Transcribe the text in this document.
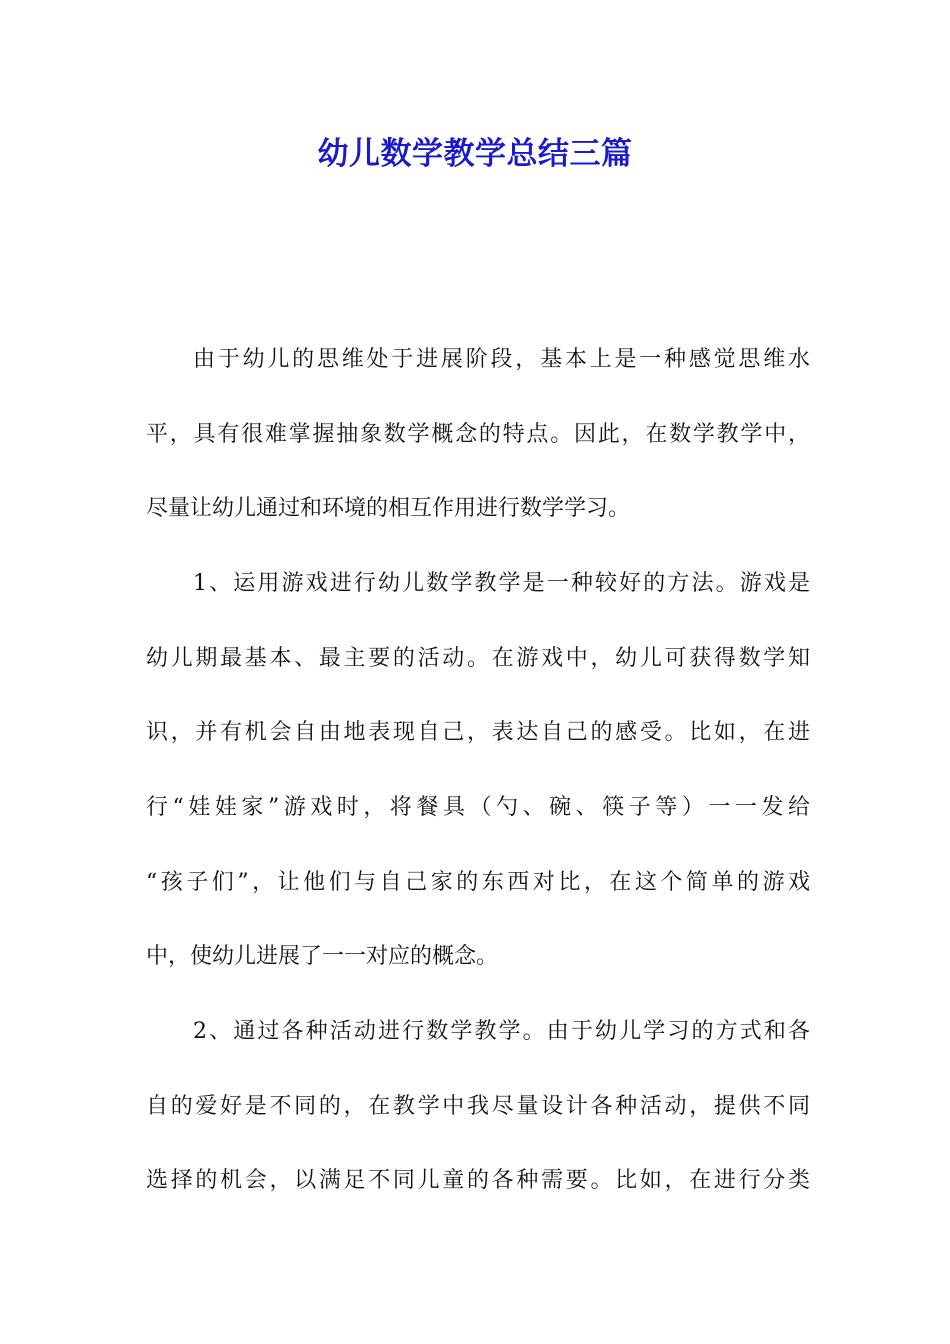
幼儿数学教学总结三篇

由于幼儿的思维处于进展阶段，基本上是一种感觉思维水

平，具有很难掌握抽象数学概念的特点。因此，在数学教学中，

尽量让幼儿通过和环境的相互作用进行数学学习。

1、运用游戏进行幼儿数学教学是一种较好的方法。游戏是

幼儿期最基本、最主要的活动。在游戏中，幼儿可获得数学知

识，并有机会自由地表现自己，表达自己的感受。比如，在进

行“娃娃家”游戏时，将餐具（勺、碗、筷子等）一一发给

“孩子们”，让他们与自己家的东西对比，在这个简单的游戏

中，使幼儿进展了一一对应的概念。

2、通过各种活动进行数学教学。由于幼儿学习的方式和各

自的爱好是不同的，在教学中我尽量设计各种活动，提供不同

选择的机会，以满足不同儿童的各种需要。比如，在进行分类
